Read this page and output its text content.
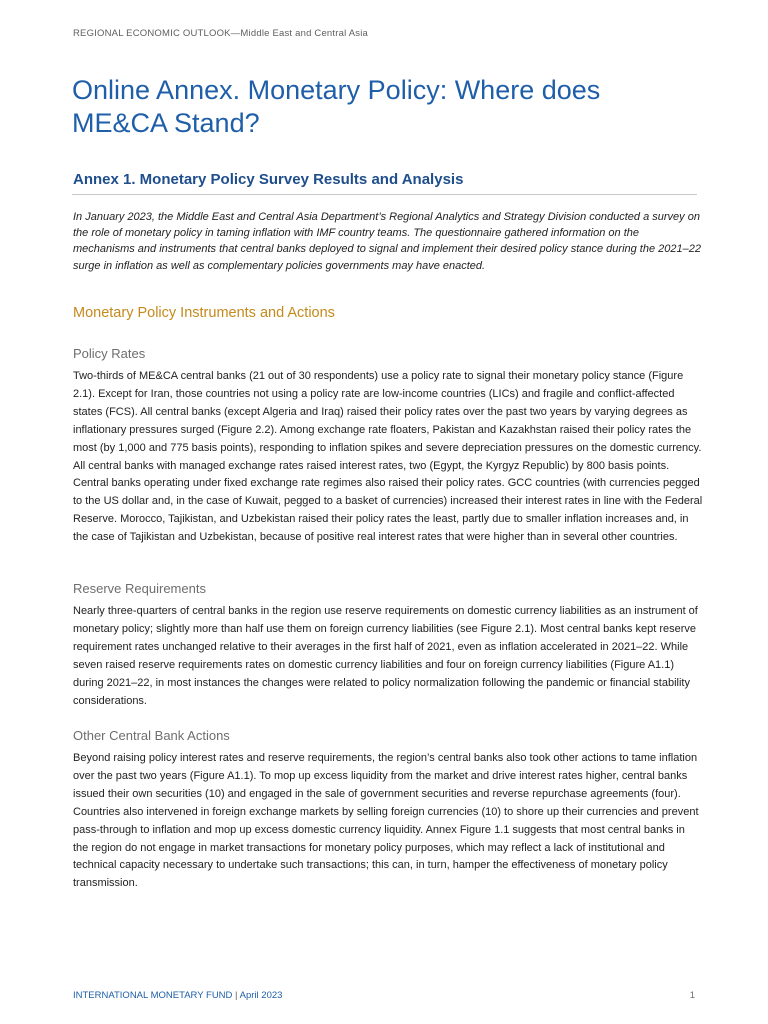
REGIONAL ECONOMIC OUTLOOK—Middle East and Central Asia
Online Annex. Monetary Policy: Where does ME&CA Stand?
Annex 1. Monetary Policy Survey Results and Analysis

In January 2023, the Middle East and Central Asia Department’s Regional Analytics and Strategy Division conducted a survey on the role of monetary policy in taming inflation with IMF country teams. The questionnaire gathered information on the mechanisms and instruments that central banks deployed to signal and implement their desired policy stance during the 2021–22 surge in inflation as well as complementary policies governments may have enacted.

Monetary Policy Instruments and Actions
Policy Rates

Two-thirds of ME&CA central banks (21 out of 30 respondents) use a policy rate to signal their monetary policy stance (Figure 2.1). Except for Iran, those countries not using a policy rate are low-income countries (LICs) and fragile and conflict-affected states (FCS). All central banks (except Algeria and Iraq) raised their policy rates over the past two years by varying degrees as inflationary pressures surged (Figure 2.2). Among exchange rate floaters, Pakistan and Kazakhstan raised their policy rates the most (by 1,000 and 775 basis points), responding to inflation spikes and severe depreciation pressures on the domestic currency. All central banks with managed exchange rates raised interest rates, two (Egypt, the Kyrgyz Republic) by 800 basis points. Central banks operating under fixed exchange rate regimes also raised their policy rates. GCC countries (with currencies pegged to the US dollar and, in the case of Kuwait, pegged to a basket of currencies) increased their interest rates in line with the Federal Reserve. Morocco, Tajikistan, and Uzbekistan raised their policy rates the least, partly due to smaller inflation increases and, in the case of Tajikistan and Uzbekistan, because of positive real interest rates that were higher than in several other countries.

Reserve Requirements

Nearly three-quarters of central banks in the region use reserve requirements on domestic currency liabilities as an instrument of monetary policy; slightly more than half use them on foreign currency liabilities (see Figure 2.1). Most central banks kept reserve requirement rates unchanged relative to their averages in the first half of 2021, even as inflation accelerated in 2021–22. While seven raised reserve requirements rates on domestic currency liabilities and four on foreign currency liabilities (Figure A1.1) during 2021–22, in most instances the changes were related to policy normalization following the pandemic or financial stability considerations.

Other Central Bank Actions

Beyond raising policy interest rates and reserve requirements, the region’s central banks also took other actions to tame inflation over the past two years (Figure A1.1). To mop up excess liquidity from the market and drive interest rates higher, central banks issued their own securities (10) and engaged in the sale of government securities and reverse repurchase agreements (four). Countries also intervened in foreign exchange markets by selling foreign currencies (10) to shore up their currencies and prevent pass-through to inflation and mop up excess domestic currency liquidity. Annex Figure 1.1 suggests that most central banks in the region do not engage in market transactions for monetary policy purposes, which may reflect a lack of institutional and technical capacity necessary to undertake such transactions; this can, in turn, hamper the effectiveness of monetary policy transmission.

INTERNATIONAL MONETARY FUND | April 2023	1
